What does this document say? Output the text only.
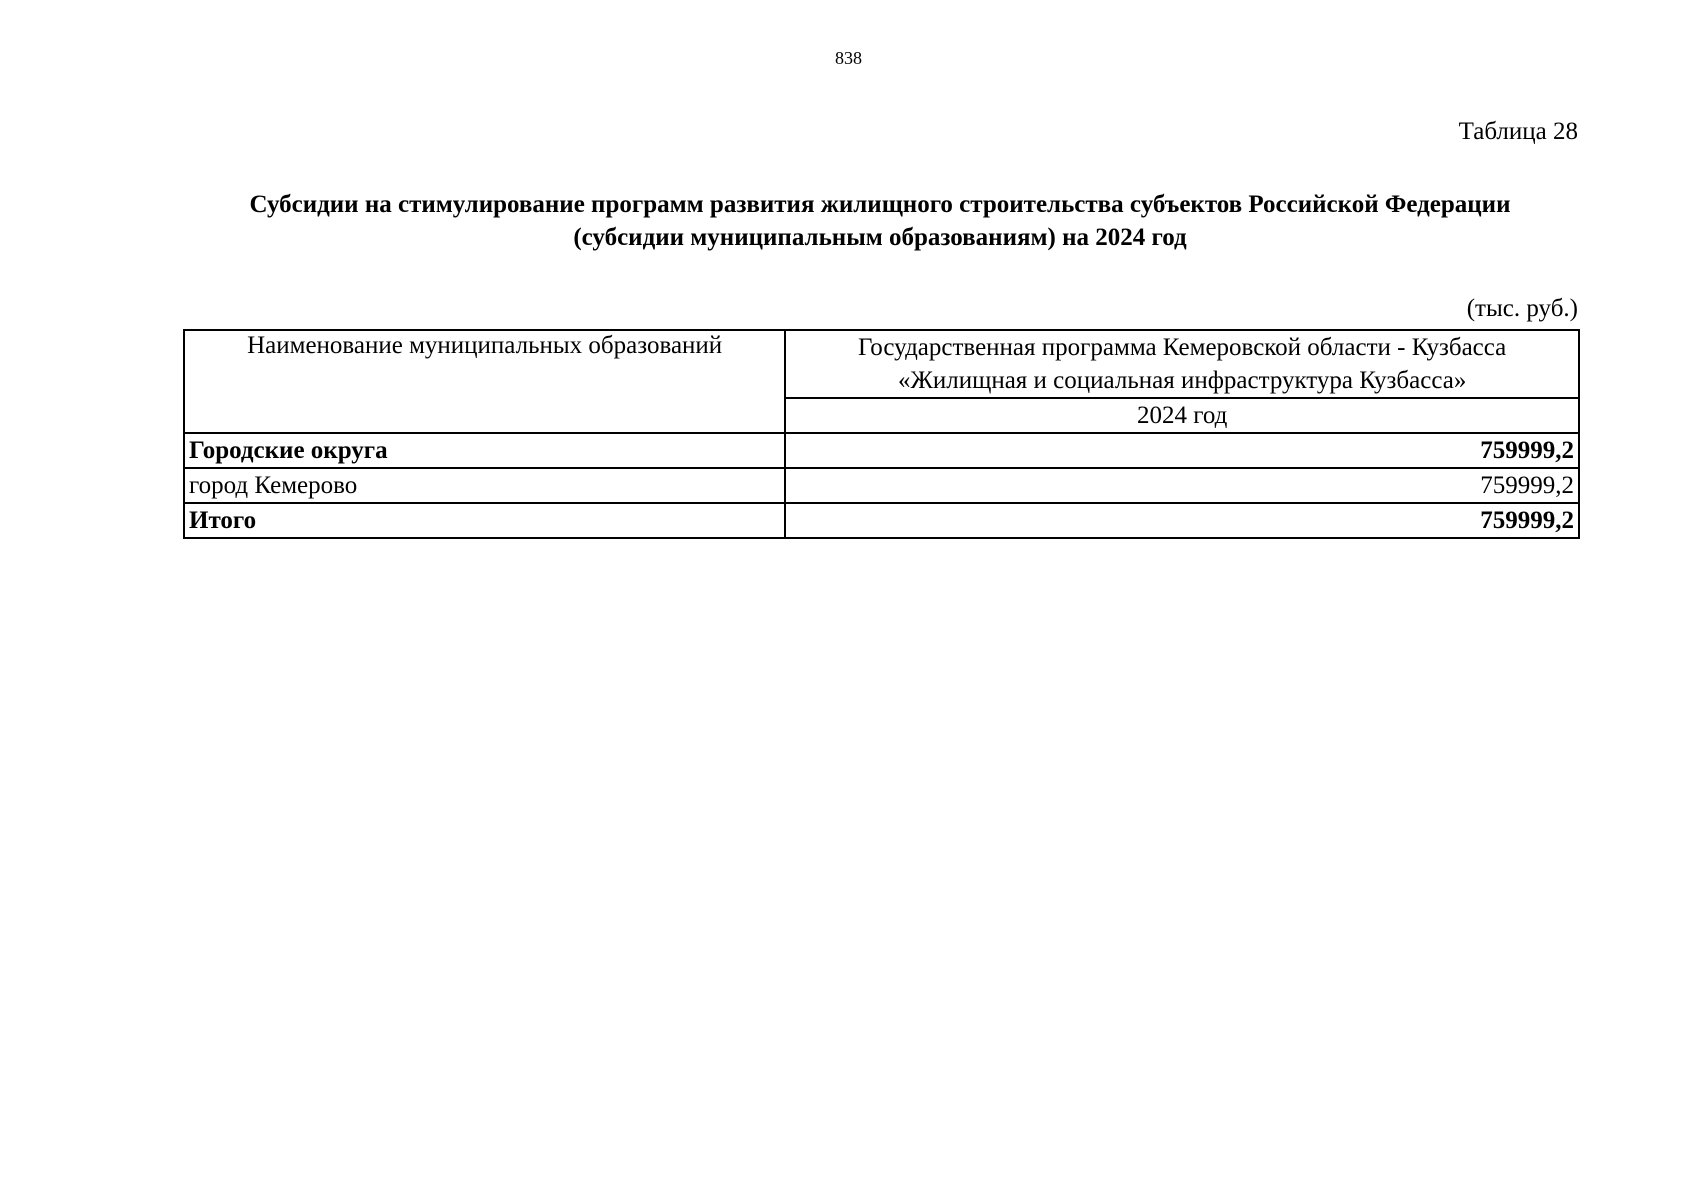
838
Таблица 28
Субсидии на стимулирование программ развития жилищного строительства субъектов Российской Федерации
(субсидии муниципальным образованиям) на 2024 год
(тыс. руб.)
Наименование муниципальных образований	Государственная программа Кемеровской области - Кузбасса
«Жилищная и социальная инфраструктура Кузбасса»

	2024 год
Городские округа	759999,2
город Кемерово	759999,2
Итого	759999,2
